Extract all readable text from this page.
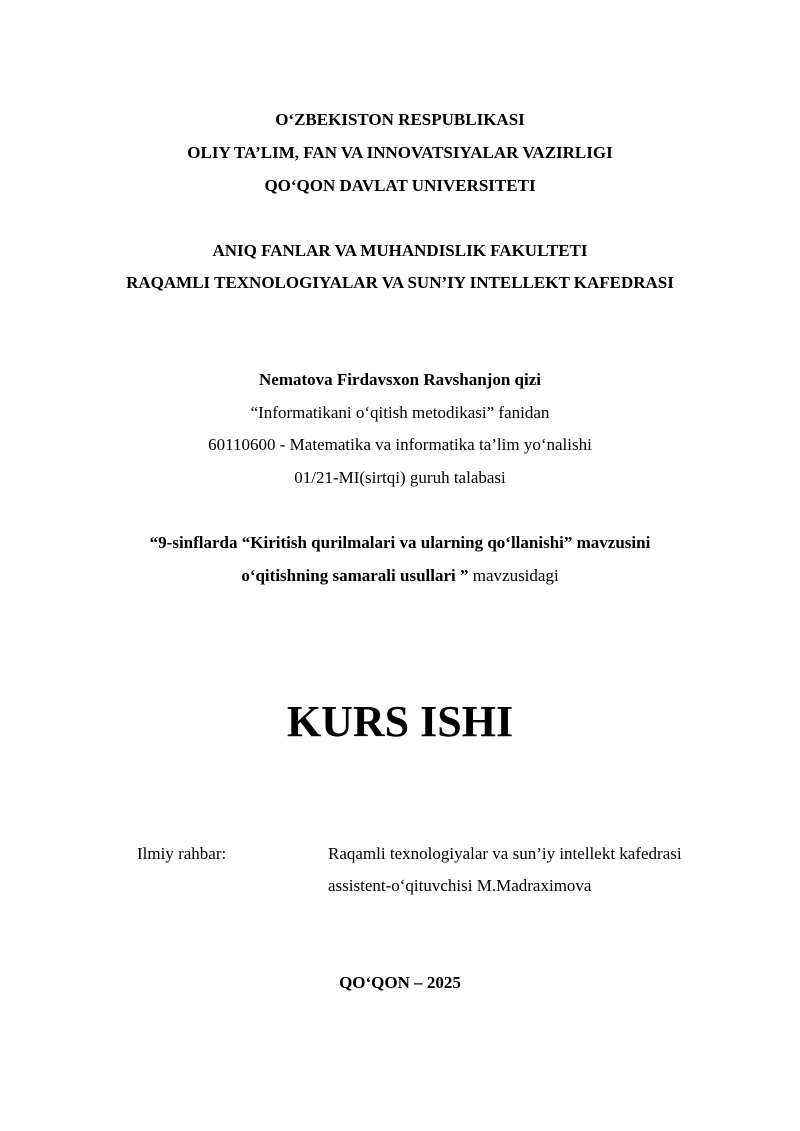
O‘ZBEKISTON RESPUBLIKASI
OLIY TA’LIM, FAN VA INNOVATSIYALAR VAZIRLIGI
QO‘QON DAVLAT UNIVERSITETI
ANIQ FANLAR VA MUHANDISLIK FAKULTETI
RAQAMLI TEXNOLOGIYALAR VA SUN’IY INTELLEKT KAFEDRASI
Nematova Firdavsxon Ravshanjon qizi
“Informatikani o‘qitish metodikasi” fanidan
60110600 - Matematika va informatika ta’lim yo‘nalishi
01/21-MI(sirtqi) guruh talabasi
“9-sinflarda “Kiritish qurilmalari va ularning qo‘llanishi” mavzusini
o‘qitishning samarali usullari ” mavzusidagi
KURS ISHI
Ilmiy rahbar:	Raqamli texnologiyalar va sun’iy intellekt kafedrasi
assistent-o‘qituvchisi M.Madraximova
QO‘QON – 2025
